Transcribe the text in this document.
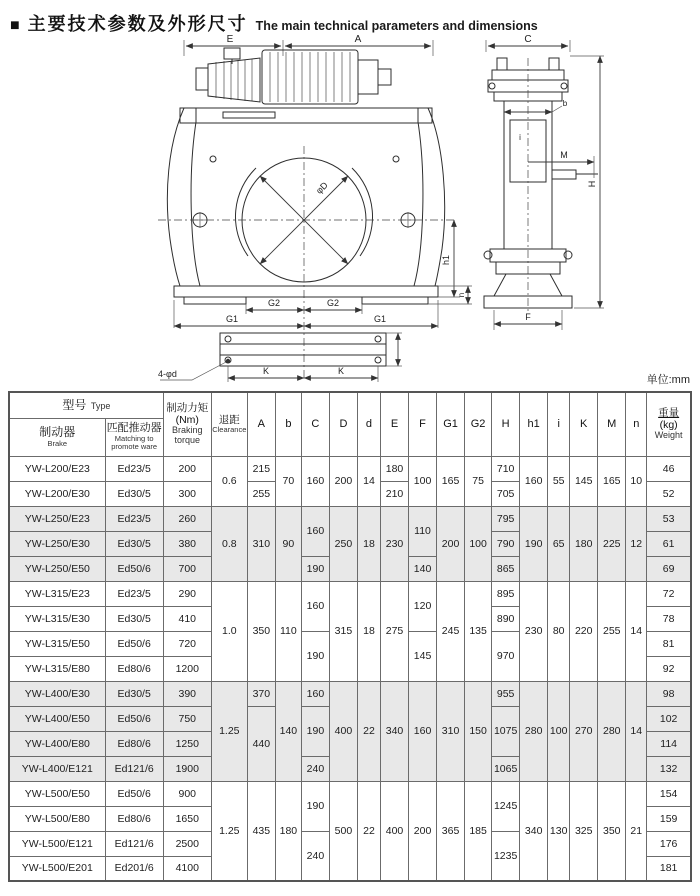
■ 主要技术参数及外形尺寸 The main technical parameters and dimensions
E	A
φD
G2	G2
G1	G1
h1
n
C
i
b
M
F
H
4-φd	K	K
单位:mm
型号 Type		制动力矩
(Nm)
Braking
torque	退距
Clearance	A	b	C	D	d	E	F	G1	G2	H	h1	i	K	M	n	重量
(kg)
Weight

制动器
Brake	匹配推动器
Matching to
promote ware																		

YW-L200/E23	Ed23/5	200	0.6	215	70	160	200	14	180	100	165	75	710	160	55	145	165	10	46
YW-L200/E30	Ed30/5	300		255					210				705						52
YW-L250/E23	Ed23/5	260	0.8	310	90	160	250	18	230	110	200	100	795	190	65	180	225	12	53
YW-L250/E30	Ed30/5	380											790						61
YW-L250/E50	Ed50/6	700				190				140			865						69
YW-L315/E23	Ed23/5	290	1.0	350	110	160	315	18	275	120	245	135	895	230	80	220	255	14	72
YW-L315/E30	Ed30/5	410											890						78
YW-L315/E50	Ed50/6	720				190				145			970						81
YW-L315/E80	Ed80/6	1200																	92
YW-L400/E30	Ed30/5	390	1.25	370	140	160	400	22	340	160	310	150	955	280	100	270	280	14	98
YW-L400/E50	Ed50/6	750		440		190							1075						102
YW-L400/E80	Ed80/6	1250																	114
YW-L400/E121	Ed121/6	1900				240							1065						132
YW-L500/E50	Ed50/6	900	1.25	435	180	190	500	22	400	200	365	185	1245	340	130	325	350	21	154
YW-L500/E80	Ed80/6	1650																	159
YW-L500/E121	Ed121/6	2500				240							1235						176
YW-L500/E201	Ed201/6	4100																	181
